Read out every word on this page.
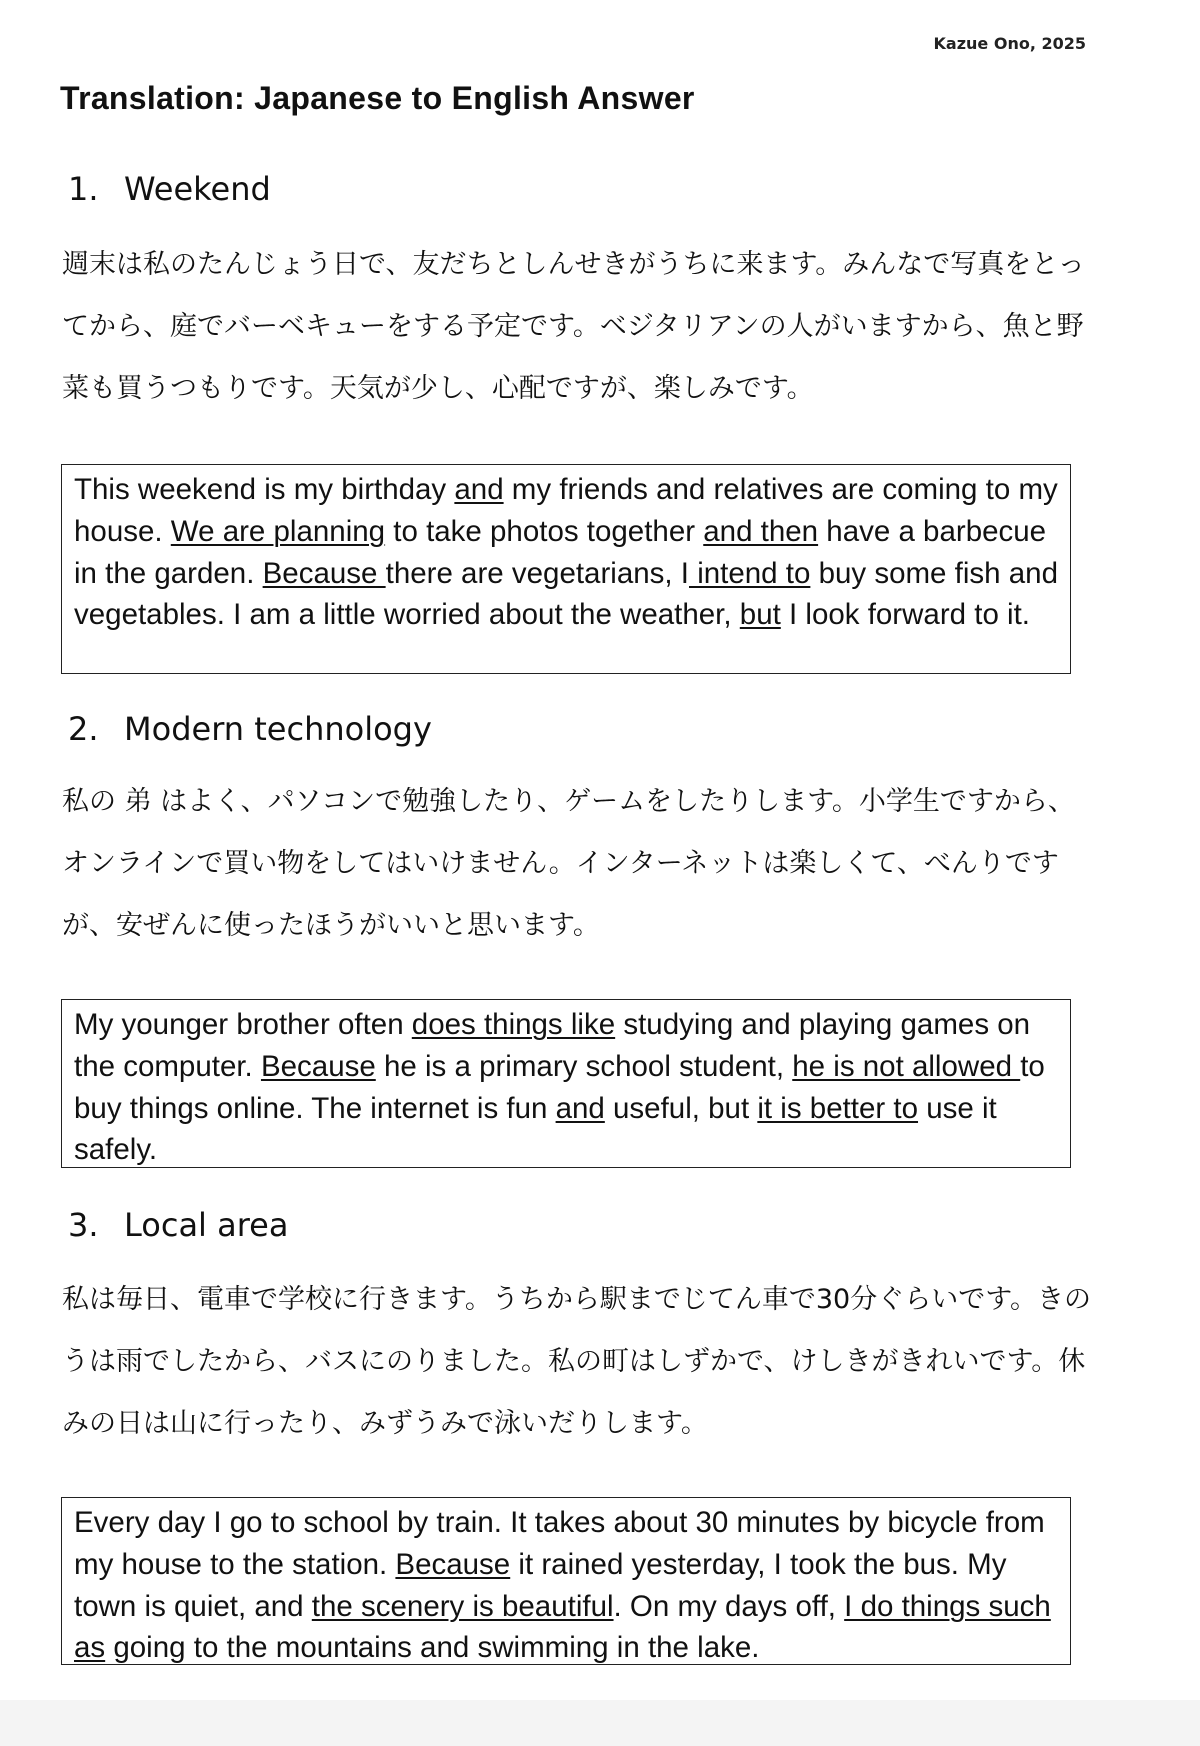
Kazue Ono, 2025
Translation: Japanese to English Answer
1. Weekend

週末は私のたんじょう日で、友だちとしんせきがうちに来ます。みんなで写真をとってから、庭でバーベキューをする予定です。ベジタリアンの人がいますから、魚と野菜も買うつもりです。天気が少し、心配ですが、楽しみです。

This weekend is my birthday and my friends and relatives are coming to my house. We are planning to take photos together and then have a barbecue in the garden. Because there are vegetarians, I intend to buy some fish and vegetables. I am a little worried about the weather, but I look forward to it.
2. Modern technology

私の 弟 はよく、パソコンで勉強したり、ゲームをしたりします。小学生ですから、オンラインで買い物をしてはいけません。インターネットは楽しくて、べんりですが、安ぜんに使ったほうがいいと思います。

My younger brother often does things like studying and playing games on the computer. Because he is a primary school student, he is not allowed to buy things online. The internet is fun and useful, but it is better to use it safely.
3. Local area

私は毎日、電車で学校に行きます。うちから駅までじてん車で30分ぐらいです。きのうは雨でしたから、バスにのりました。私の町はしずかで、けしきがきれいです。休みの日は山に行ったり、みずうみで泳いだりします。

Every day I go to school by train. It takes about 30 minutes by bicycle from my house to the station. Because it rained yesterday, I took the bus. My town is quiet, and the scenery is beautiful. On my days off, I do things such as going to the mountains and swimming in the lake.
